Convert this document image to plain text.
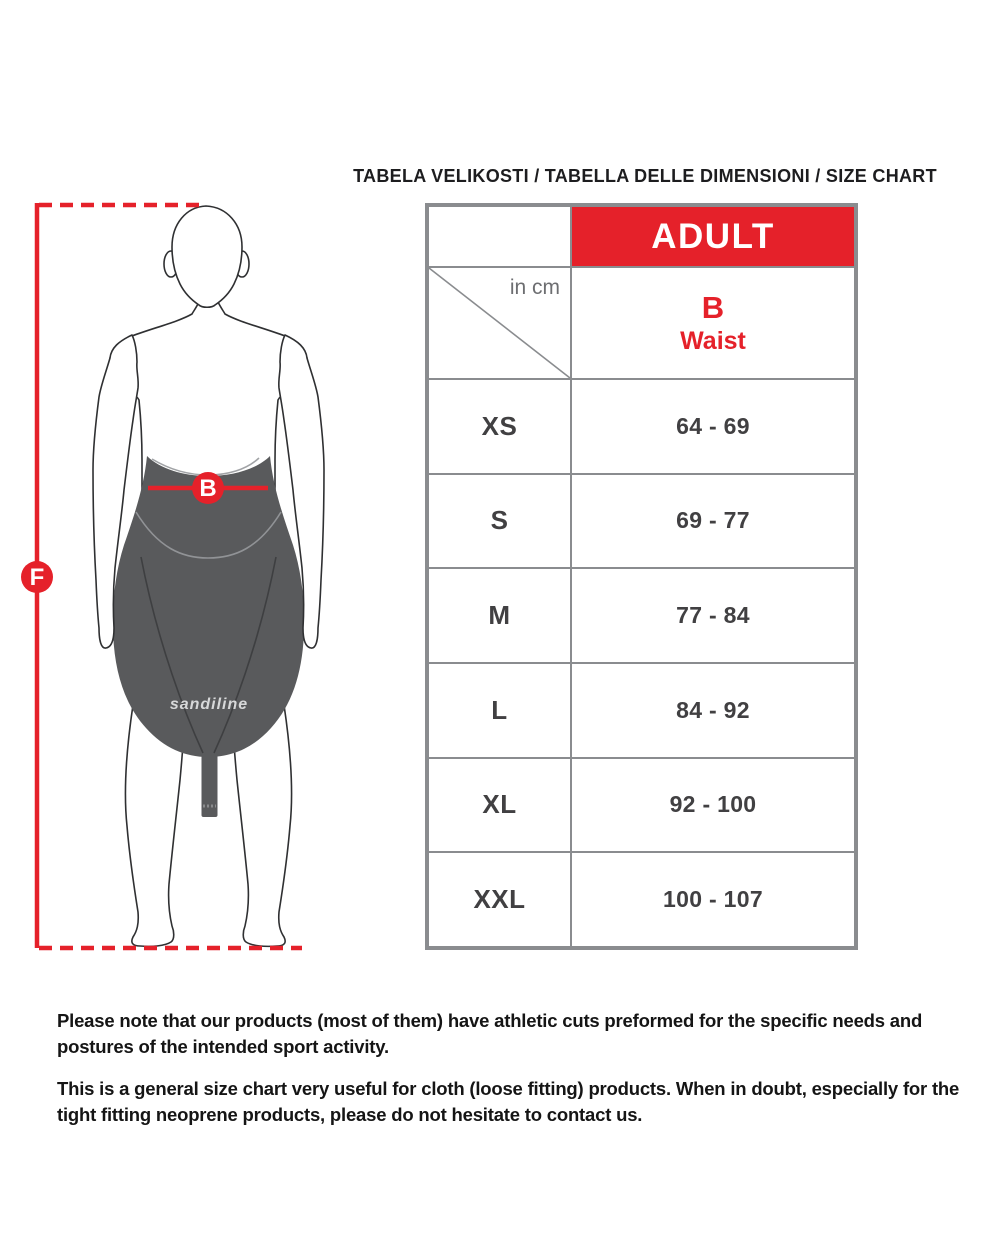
TABELA VELIKOSTI / TABELLA DELLE DIMENSIONI / SIZE CHART
sandiline
B
F
ADULT
in cm
B
Waist
XS	64 - 69
S	69 - 77
M	77 - 84
L	84 - 92
XL	92 - 100
XXL	100 - 107

Please note that our products (most of them) have athletic cuts preformed for the specific needs and postures of the intended sport activity.

This is a general size chart very useful for cloth (loose fitting) products. When in doubt, especially for the tight fitting neoprene products, please do not hesitate to contact us.
